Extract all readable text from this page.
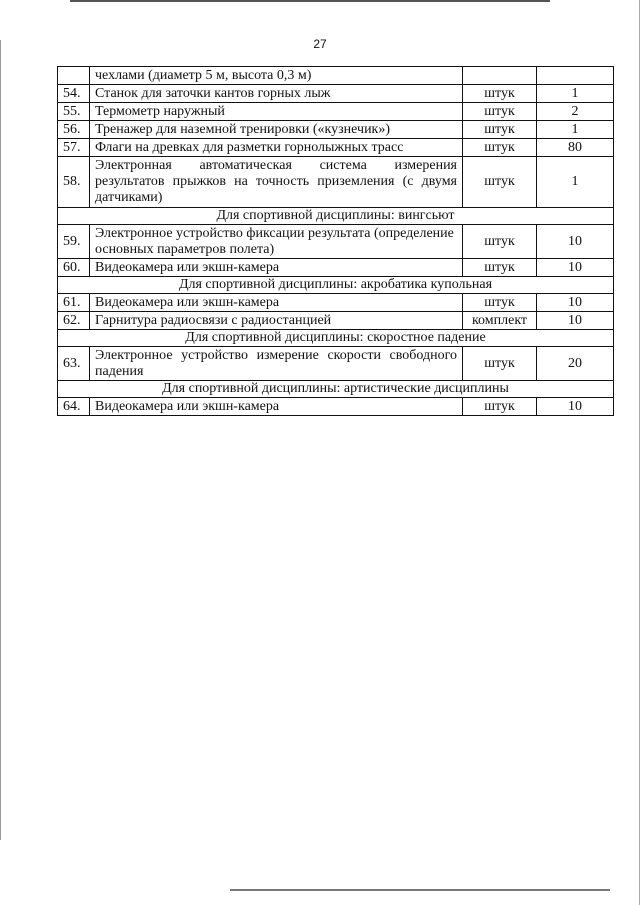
27
	чехлами (диаметр 5 м, высота 0,3 м)		
54.	Станок для заточки кантов горных лыж	штук	1
55.	Термометр наружный	штук	2
56.	Тренажер для наземной тренировки («кузнечик»)	штук	1
57.	Флаги на древках для разметки горнолыжных трасс	штук	80
58.	Электронная автоматическая система измерения результатов прыжков на точность приземления (с двумя датчиками)	штук	1
Для спортивной дисциплины: вингсьют			
59.	Электронное устройство фиксации результата (определение основных параметров полета)	штук	10
60.	Видеокамера или экшн-камера	штук	10
Для спортивной дисциплины: акробатика купольная			
61.	Видеокамера или экшн-камера	штук	10
62.	Гарнитура радиосвязи с радиостанцией	комплект	10
Для спортивной дисциплины: скоростное падение			
63.	Электронное устройство измерение скорости свободного падения	штук	20
Для спортивной дисциплины: артистические дисциплины			
64.	Видеокамера или экшн-камера	штук	10
